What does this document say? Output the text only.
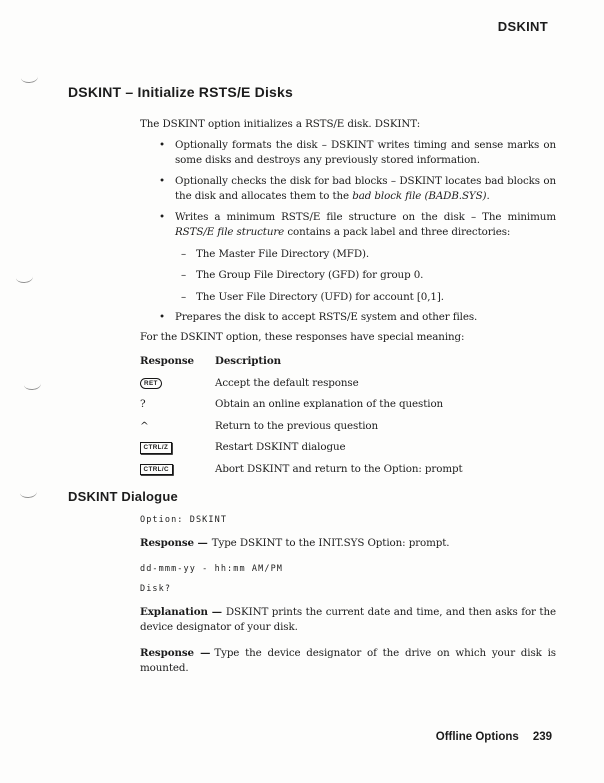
DSKINT
DSKINT – Initialize RSTS/E Disks

The DSKINT option initializes a RSTS/E disk. DSKINT:

• Optionally formats the disk – DSKINT writes timing and sense marks on some disks and destroys any previously stored information.
• Optionally checks the disk for bad blocks – DSKINT locates bad blocks on the disk and allocates them to the bad block file (BADB.SYS).
• Writes a minimum RSTS/E file structure on the disk – The minimum RSTS/E file structure contains a pack label and three directories:
– The Master File Directory (MFD).
– The Group File Directory (GFD) for group 0.
– The User File Directory (UFD) for account [0,1].
• Prepares the disk to accept RSTS/E system and other files.

For the DSKINT option, these responses have special meaning:

Response	Description
RET	Accept the default response
?	Obtain an online explanation of the question
^	Return to the previous question
CTRL/Z	Restart DSKINT dialogue
CTRL/C	Abort DSKINT and return to the Option: prompt
DSKINT Dialogue
Option: DSKINT

Response — Type DSKINT to the INIT.SYS Option: prompt.

dd-mmm-yy - hh:mm AM/PM
Disk?

Explanation — DSKINT prints the current date and time, and then asks for the device designator of your disk.

Response — Type the device designator of the drive on which your disk is mounted.

Offline Options 239
